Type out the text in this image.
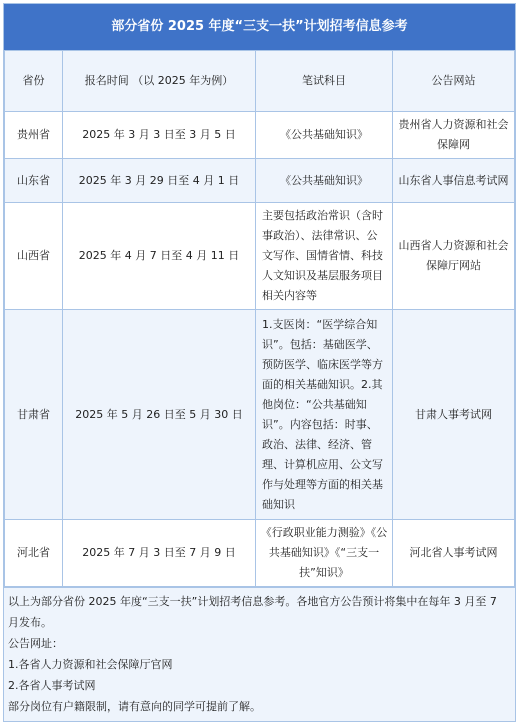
部分省份 2025 年度“三支一扶”计划招考信息参考
省份	报名时间 （以 2025 年为例）	笔试科目	公告网站
贵州省	2025 年 3 月 3 日至 3 月 5 日	《公共基础知识》	贵州省人力资源和社会保障网
山东省	2025 年 3 月 29 日至 4 月 1 日	《公共基础知识》	山东省人事信息考试网
山西省	2025 年 4 月 7 日至 4 月 11 日	主要包括政治常识（含时事政治）、法律常识、公文写作、国情省情、科技人文知识及基层服务项目相关内容等	山西省人力资源和社会保障厅网站
甘肃省	2025 年 5 月 26 日至 5 月 30 日	1.支医岗：“医学综合知识”。包括：基础医学、预防医学、临床医学等方面的相关基础知识。2.其他岗位：“公共基础知识”。内容包括：时事、政治、法律、经济、管理、计算机应用、公文写作与处理等方面的相关基础知识	甘肃人事考试网
河北省	2025 年 7 月 3 日至 7 月 9 日	《行政职业能力测验》《公共基础知识》《“三支一扶”知识》	河北省人事考试网
以上为部分省份 2025 年度“三支一扶”计划招考信息参考。各地官方公告预计将集中在每年 3 月至 7 月发布。
公告网址：
1.各省人力资源和社会保障厅官网
2.各省人事考试网
部分岗位有户籍限制，请有意向的同学可提前了解。
